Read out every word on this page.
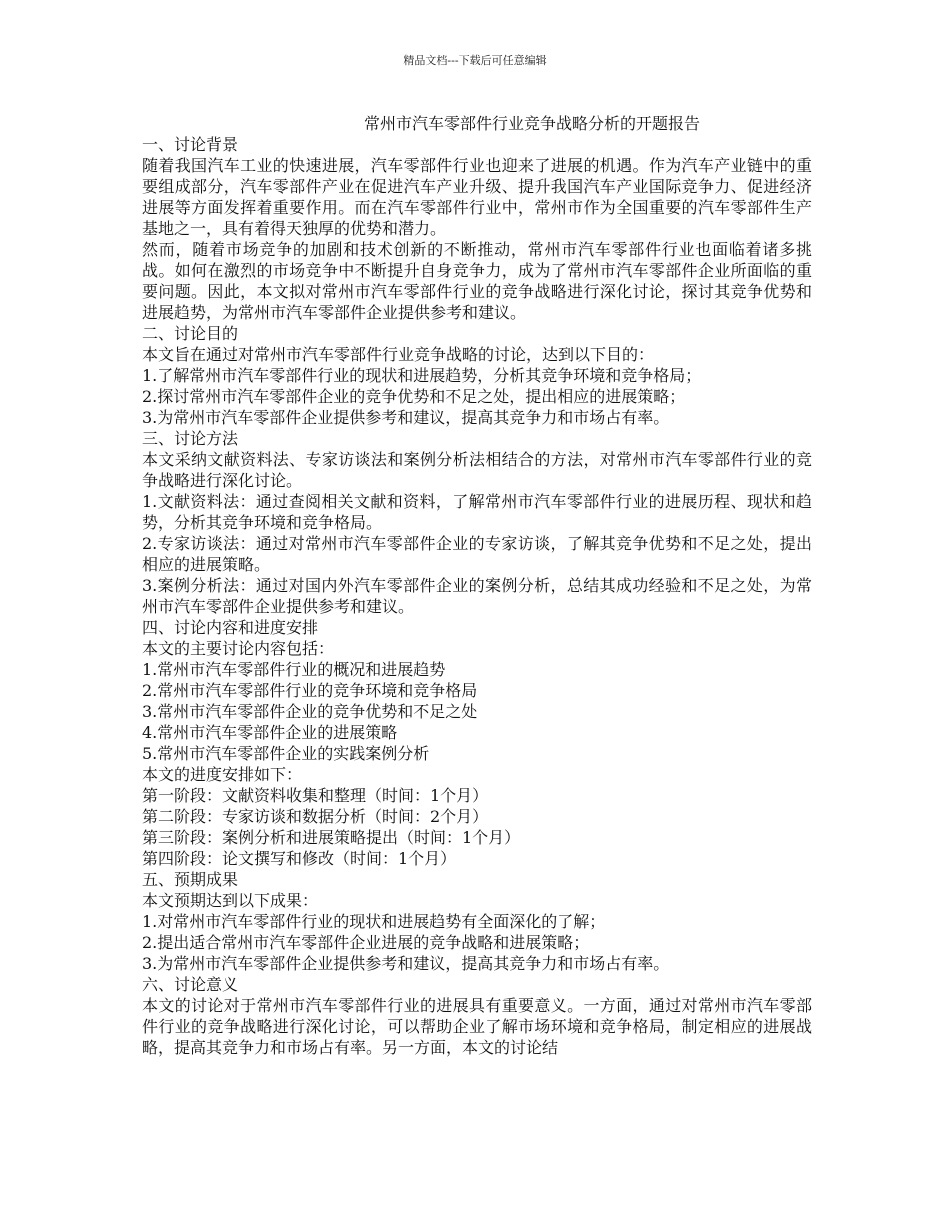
精品文档---下载后可任意编辑
常州市汽车零部件行业竞争战略分析的开题报告

一、讨论背景

随着我国汽车工业的快速进展，汽车零部件行业也迎来了进展的机遇。作为汽车产业链中的重要组成部分，汽车零部件产业在促进汽车产业升级、提升我国汽车产业国际竞争力、促进经济进展等方面发挥着重要作用。而在汽车零部件行业中，常州市作为全国重要的汽车零部件生产基地之一，具有着得天独厚的优势和潜力。

然而，随着市场竞争的加剧和技术创新的不断推动，常州市汽车零部件行业也面临着诸多挑战。如何在激烈的市场竞争中不断提升自身竞争力，成为了常州市汽车零部件企业所面临的重要问题。因此，本文拟对常州市汽车零部件行业的竞争战略进行深化讨论，探讨其竞争优势和进展趋势，为常州市汽车零部件企业提供参考和建议。

二、讨论目的

本文旨在通过对常州市汽车零部件行业竞争战略的讨论，达到以下目的：

1.了解常州市汽车零部件行业的现状和进展趋势，分析其竞争环境和竞争格局；

2.探讨常州市汽车零部件企业的竞争优势和不足之处，提出相应的进展策略；

3.为常州市汽车零部件企业提供参考和建议，提高其竞争力和市场占有率。

三、讨论方法

本文采纳文献资料法、专家访谈法和案例分析法相结合的方法，对常州市汽车零部件行业的竞争战略进行深化讨论。

1.文献资料法：通过查阅相关文献和资料，了解常州市汽车零部件行业的进展历程、现状和趋势，分析其竞争环境和竞争格局。

2.专家访谈法：通过对常州市汽车零部件企业的专家访谈，了解其竞争优势和不足之处，提出相应的进展策略。

3.案例分析法：通过对国内外汽车零部件企业的案例分析，总结其成功经验和不足之处，为常州市汽车零部件企业提供参考和建议。

四、讨论内容和进度安排

本文的主要讨论内容包括：

1.常州市汽车零部件行业的概况和进展趋势

2.常州市汽车零部件行业的竞争环境和竞争格局

3.常州市汽车零部件企业的竞争优势和不足之处

4.常州市汽车零部件企业的进展策略

5.常州市汽车零部件企业的实践案例分析

本文的进度安排如下：

第一阶段：文献资料收集和整理（时间：1个月）

第二阶段：专家访谈和数据分析（时间：2个月）

第三阶段：案例分析和进展策略提出（时间：1个月）

第四阶段：论文撰写和修改（时间：1个月）

五、预期成果

本文预期达到以下成果：

1.对常州市汽车零部件行业的现状和进展趋势有全面深化的了解；

2.提出适合常州市汽车零部件企业进展的竞争战略和进展策略；

3.为常州市汽车零部件企业提供参考和建议，提高其竞争力和市场占有率。

六、讨论意义

本文的讨论对于常州市汽车零部件行业的进展具有重要意义。一方面，通过对常州市汽车零部件行业的竞争战略进行深化讨论，可以帮助企业了解市场环境和竞争格局，制定相应的进展战略，提高其竞争力和市场占有率。另一方面，本文的讨论结
